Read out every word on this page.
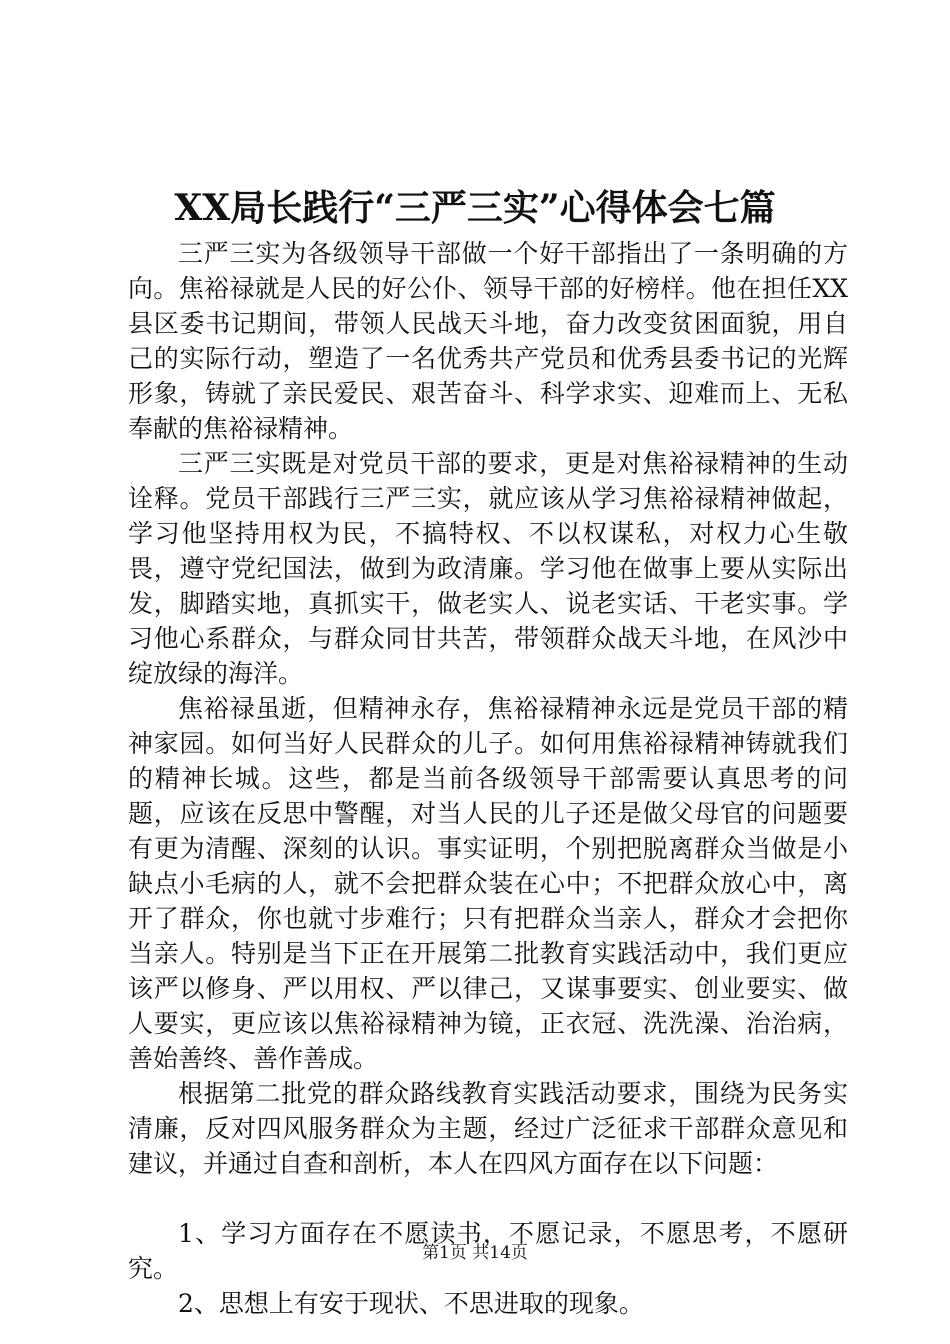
XX局长践行“三严三实”心得体会七篇

三严三实为各级领导干部做一个好干部指出了一条明确的方向。焦裕禄就是人民的好公仆、领导干部的好榜样。他在担任XX县区委书记期间，带领人民战天斗地，奋力改变贫困面貌，用自己的实际行动，塑造了一名优秀共产党员和优秀县委书记的光辉形象，铸就了亲民爱民、艰苦奋斗、科学求实、迎难而上、无私奉献的焦裕禄精神。

三严三实既是对党员干部的要求，更是对焦裕禄精神的生动诠释。党员干部践行三严三实，就应该从学习焦裕禄精神做起，学习他坚持用权为民，不搞特权、不以权谋私，对权力心生敬畏，遵守党纪国法，做到为政清廉。学习他在做事上要从实际出发，脚踏实地，真抓实干，做老实人、说老实话、干老实事。学习他心系群众，与群众同甘共苦，带领群众战天斗地，在风沙中绽放绿的海洋。

焦裕禄虽逝，但精神永存，焦裕禄精神永远是党员干部的精神家园。如何当好人民群众的儿子。如何用焦裕禄精神铸就我们的精神长城。这些，都是当前各级领导干部需要认真思考的问题，应该在反思中警醒，对当人民的儿子还是做父母官的问题要有更为清醒、深刻的认识。事实证明，个别把脱离群众当做是小缺点小毛病的人，就不会把群众装在心中；不把群众放心中，离开了群众，你也就寸步难行；只有把群众当亲人，群众才会把你当亲人。特别是当下正在开展第二批教育实践活动中，我们更应该严以修身、严以用权、严以律己，又谋事要实、创业要实、做人要实，更应该以焦裕禄精神为镜，正衣冠、洗洗澡、治治病，善始善终、善作善成。

根据第二批党的群众路线教育实践活动要求，围绕为民务实清廉，反对四风服务群众为主题，经过广泛征求干部群众意见和建议，并通过自查和剖析，本人在四风方面存在以下问题：

1、学习方面存在不愿读书，不愿记录，不愿思考，不愿研究。

2、思想上有安于现状、不思进取的现象。

第1页 共14页
